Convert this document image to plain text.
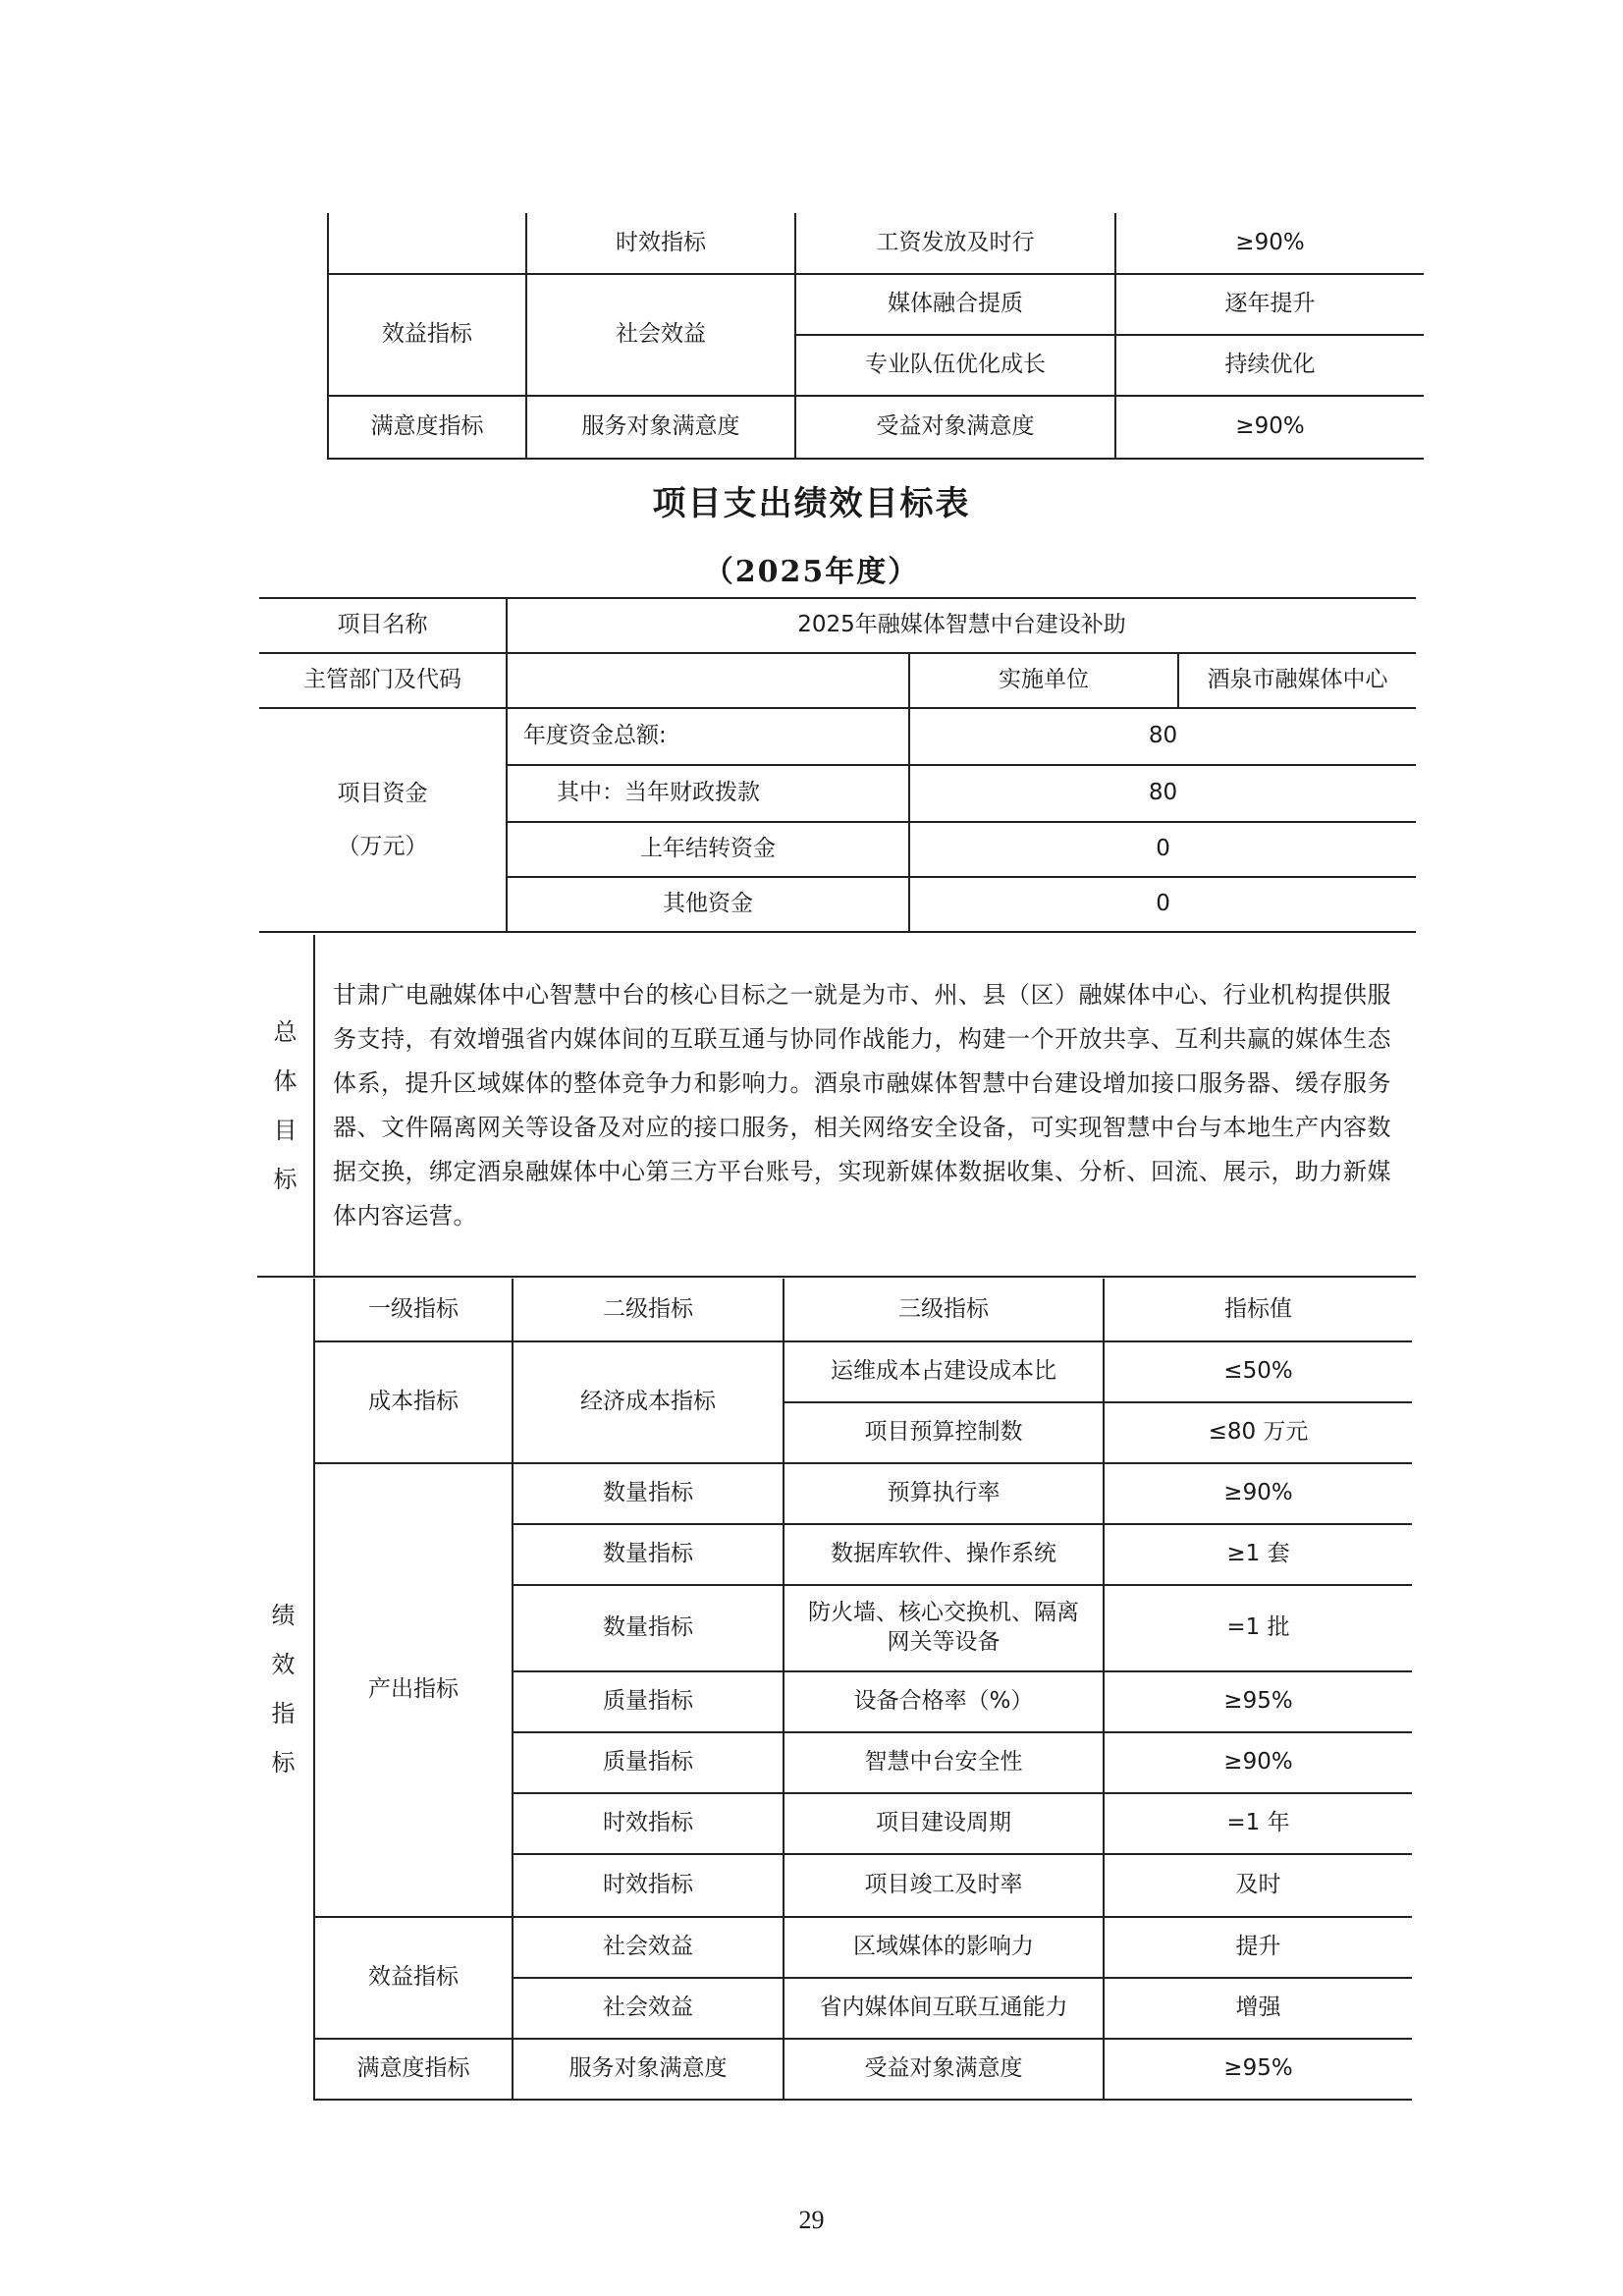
		时效指标	工资发放及时行	≥90%
	效益指标	社会效益	媒体融合提质	逐年提升
			专业队伍优化成长	持续优化
	满意度指标	服务对象满意度	受益对象满意度	≥90%
项目支出绩效目标表
（2025年度）
项目名称	2025年融媒体智慧中台建设补助		
主管部门及代码		实施单位	酒泉市融媒体中心

项目资金
（万元）	年度资金总额:	80	
	其中：当年财政拨款	80	
	上年结转资金	0	
	其他资金	0	
总
体
目
标
	甘肃广电融媒体中心智慧中台的核心目标之一就是为市、州、县（区）融媒体中心、行业机构提供服务支持，有效增强省内媒体间的互联互通与协同作战能力，构建一个开放共享、互利共赢的媒体生态体系，提升区域媒体的整体竞争力和影响力。酒泉市融媒体智慧中台建设增加接口服务器、缓存服务器、文件隔离网关等设备及对应的接口服务，相关网络安全设备，可实现智慧中台与本地生产内容数据交换，绑定酒泉融媒体中心第三方平台账号，实现新媒体数据收集、分析、回流、展示，助力新媒体内容运营。
绩
效
指
标	一级指标	二级指标	三级指标	指标值
	成本指标	经济成本指标	运维成本占建设成本比	≤50%
			项目预算控制数	≤80 万元
	产出指标	数量指标	预算执行率	≥90%
		数量指标	数据库软件、操作系统	≥1 套
		数量指标	防火墙、核心交换机、隔离网关等设备	=1 批
		质量指标	设备合格率（%）	≥95%
		质量指标	智慧中台安全性	≥90%
		时效指标	项目建设周期	=1 年
		时效指标	项目竣工及时率	及时
	效益指标	社会效益	区域媒体的影响力	提升
		社会效益	省内媒体间互联互通能力	增强
	满意度指标	服务对象满意度	受益对象满意度	≥95%
29
